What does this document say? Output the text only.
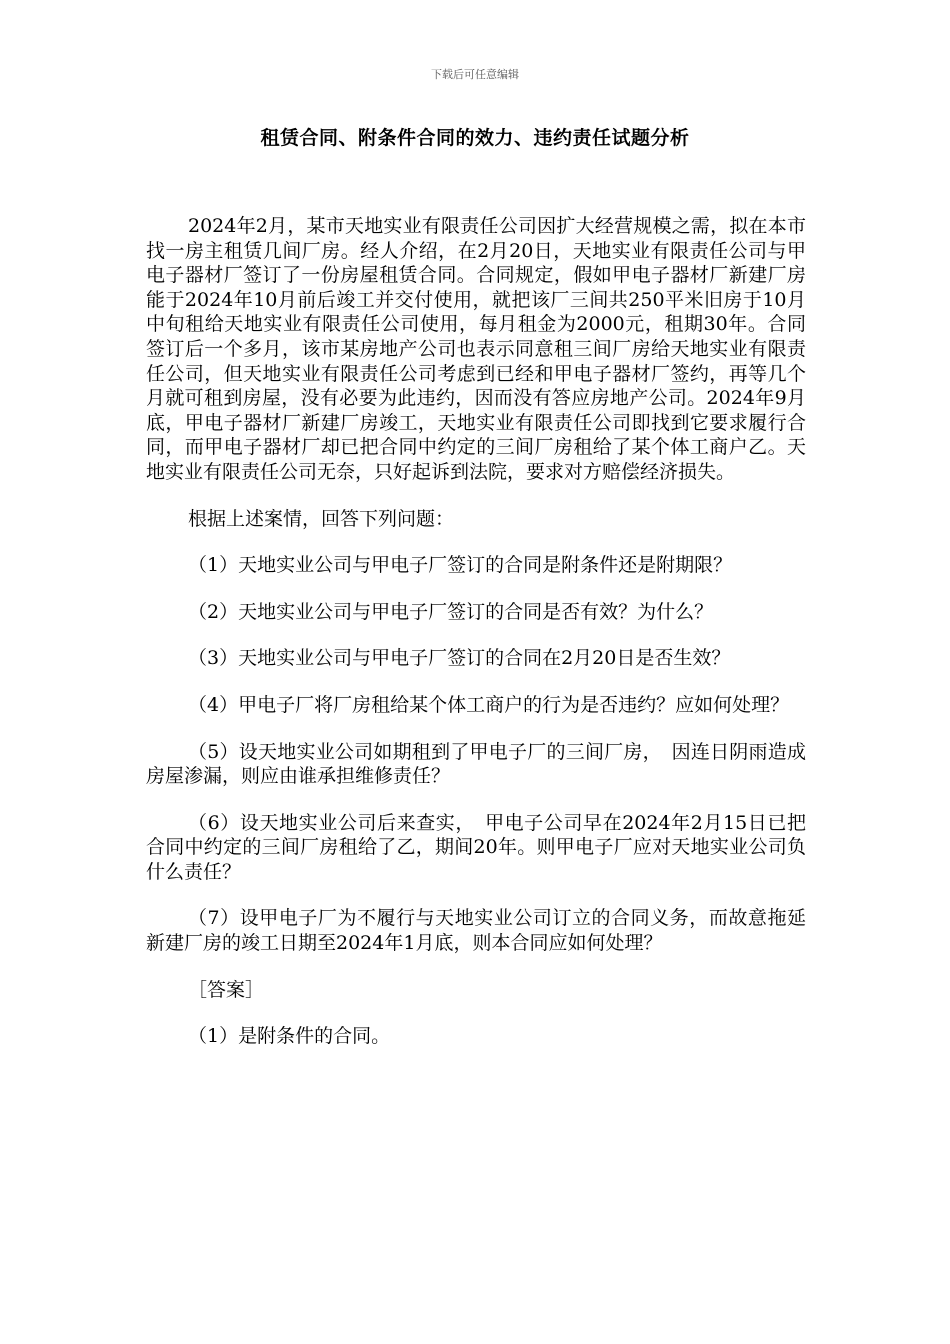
下载后可任意编辑
租赁合同、附条件合同的效力、违约责任试题分析

2024年2月，某市天地实业有限责任公司因扩大经营规模之需，拟在本市找一房主租赁几间厂房。经人介绍，在2月20日，天地实业有限责任公司与甲电子器材厂签订了一份房屋租赁合同。合同规定，假如甲电子器材厂新建厂房能于2024年10月前后竣工并交付使用，就把该厂三间共250平米旧房于10月中旬租给天地实业有限责任公司使用，每月租金为2000元，租期30年。合同签订后一个多月，该市某房地产公司也表示同意租三间厂房给天地实业有限责任公司，但天地实业有限责任公司考虑到已经和甲电子器材厂签约，再等几个月就可租到房屋，没有必要为此违约，因而没有答应房地产公司。2024年9月底，甲电子器材厂新建厂房竣工，天地实业有限责任公司即找到它要求履行合同，而甲电子器材厂却已把合同中约定的三间厂房租给了某个体工商户乙。天地实业有限责任公司无奈，只好起诉到法院，要求对方赔偿经济损失。

根据上述案情，回答下列问题：

（1）天地实业公司与甲电子厂签订的合同是附条件还是附期限？

（2）天地实业公司与甲电子厂签订的合同是否有效？为什么？

（3）天地实业公司与甲电子厂签订的合同在2月20日是否生效？

（4）甲电子厂将厂房租给某个体工商户的行为是否违约？应如何处理？

（5）设天地实业公司如期租到了甲电子厂的三间厂房，　因连日阴雨造成房屋渗漏，则应由谁承担维修责任？

（6）设天地实业公司后来查实，　甲电子公司早在2024年2月15日已把合同中约定的三间厂房租给了乙，期间20年。则甲电子厂应对天地实业公司负什么责任？

（7）设甲电子厂为不履行与天地实业公司订立的合同义务，而故意拖延新建厂房的竣工日期至2024年1月底，则本合同应如何处理？

［答案］

（1）是附条件的合同。
